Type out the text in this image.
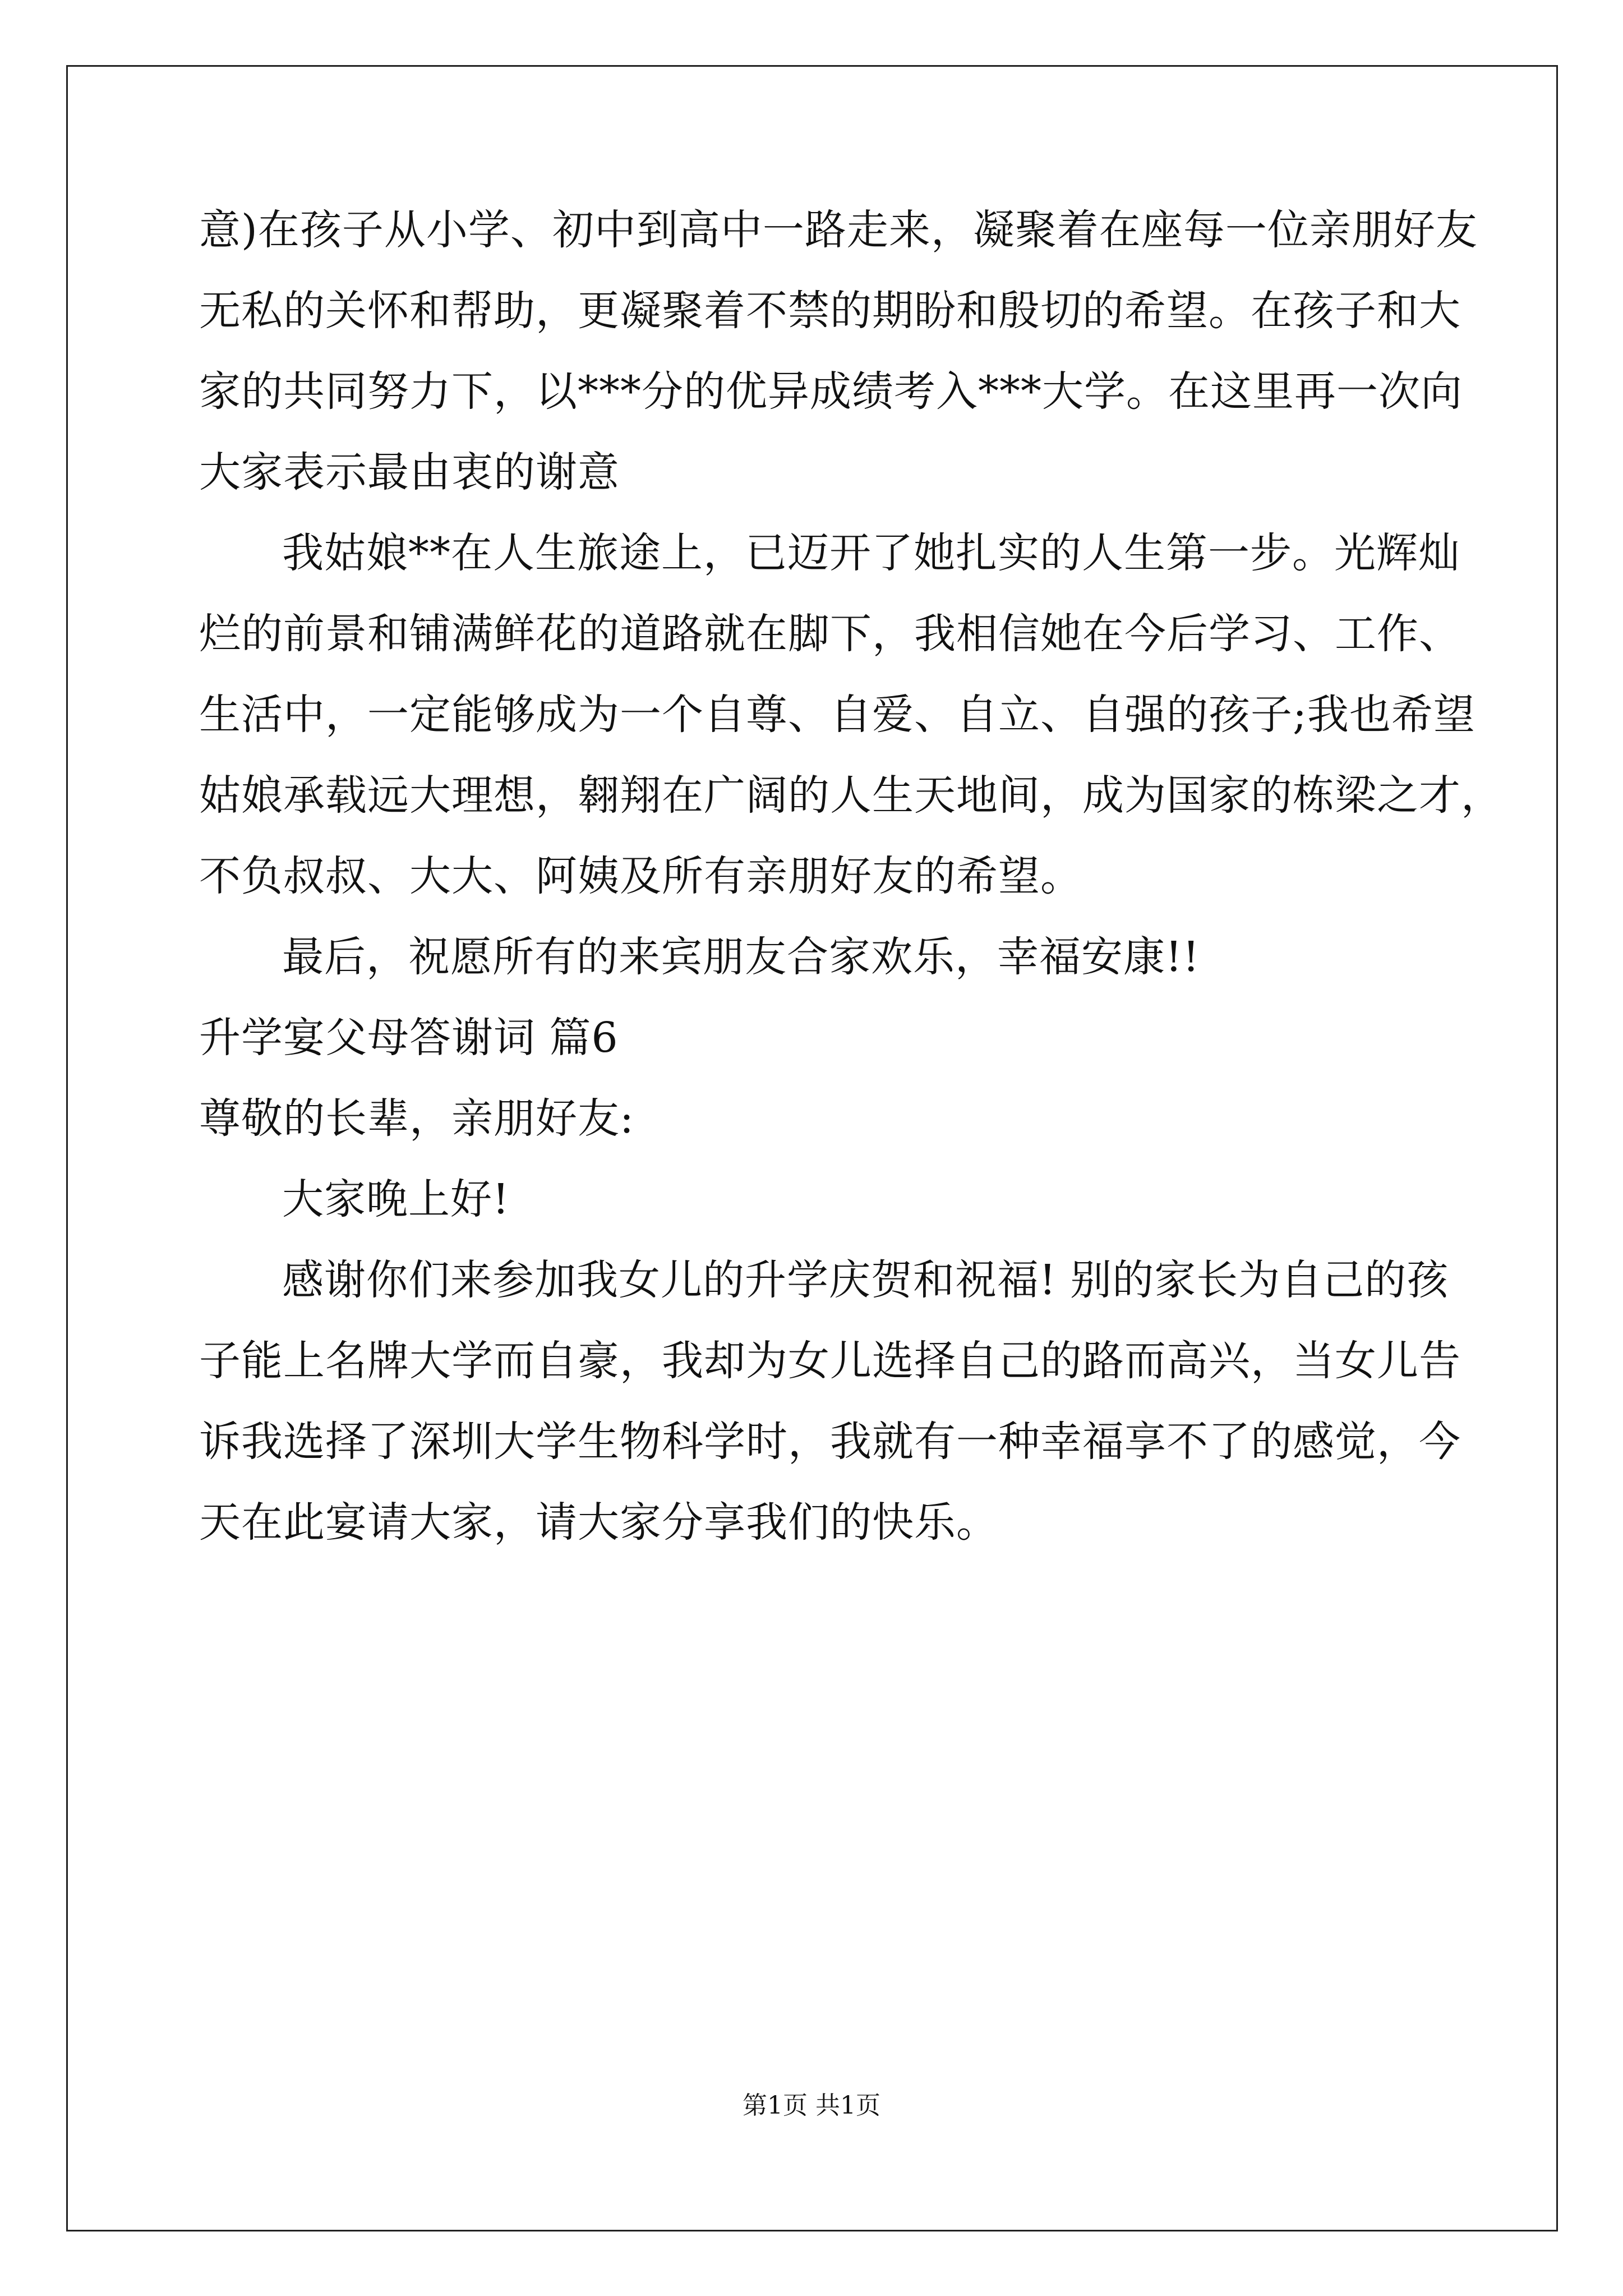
意)在孩子从小学、初中到高中一路走来，凝聚着在座每一位亲朋好友
无私的关怀和帮助，更凝聚着不禁的期盼和殷切的希望。在孩子和大
家的共同努力下，以***分的优异成绩考入***大学。在这里再一次向
大家表示最由衷的谢意
我姑娘**在人生旅途上，已迈开了她扎实的人生第一步。光辉灿
烂的前景和铺满鲜花的道路就在脚下，我相信她在今后学习、工作、
生活中，一定能够成为一个自尊、自爱、自立、自强的孩子;我也希望
姑娘承载远大理想，翱翔在广阔的人生天地间，成为国家的栋梁之才，
不负叔叔、大大、阿姨及所有亲朋好友的希望。
最后，祝愿所有的来宾朋友合家欢乐，幸福安康!!
升学宴父母答谢词 篇6
尊敬的长辈，亲朋好友:
大家晚上好!
感谢你们来参加我女儿的升学庆贺和祝福! 别的家长为自己的孩
子能上名牌大学而自豪，我却为女儿选择自己的路而高兴，当女儿告
诉我选择了深圳大学生物科学时，我就有一种幸福享不了的感觉，今
天在此宴请大家，请大家分享我们的快乐。
第1页 共1页
